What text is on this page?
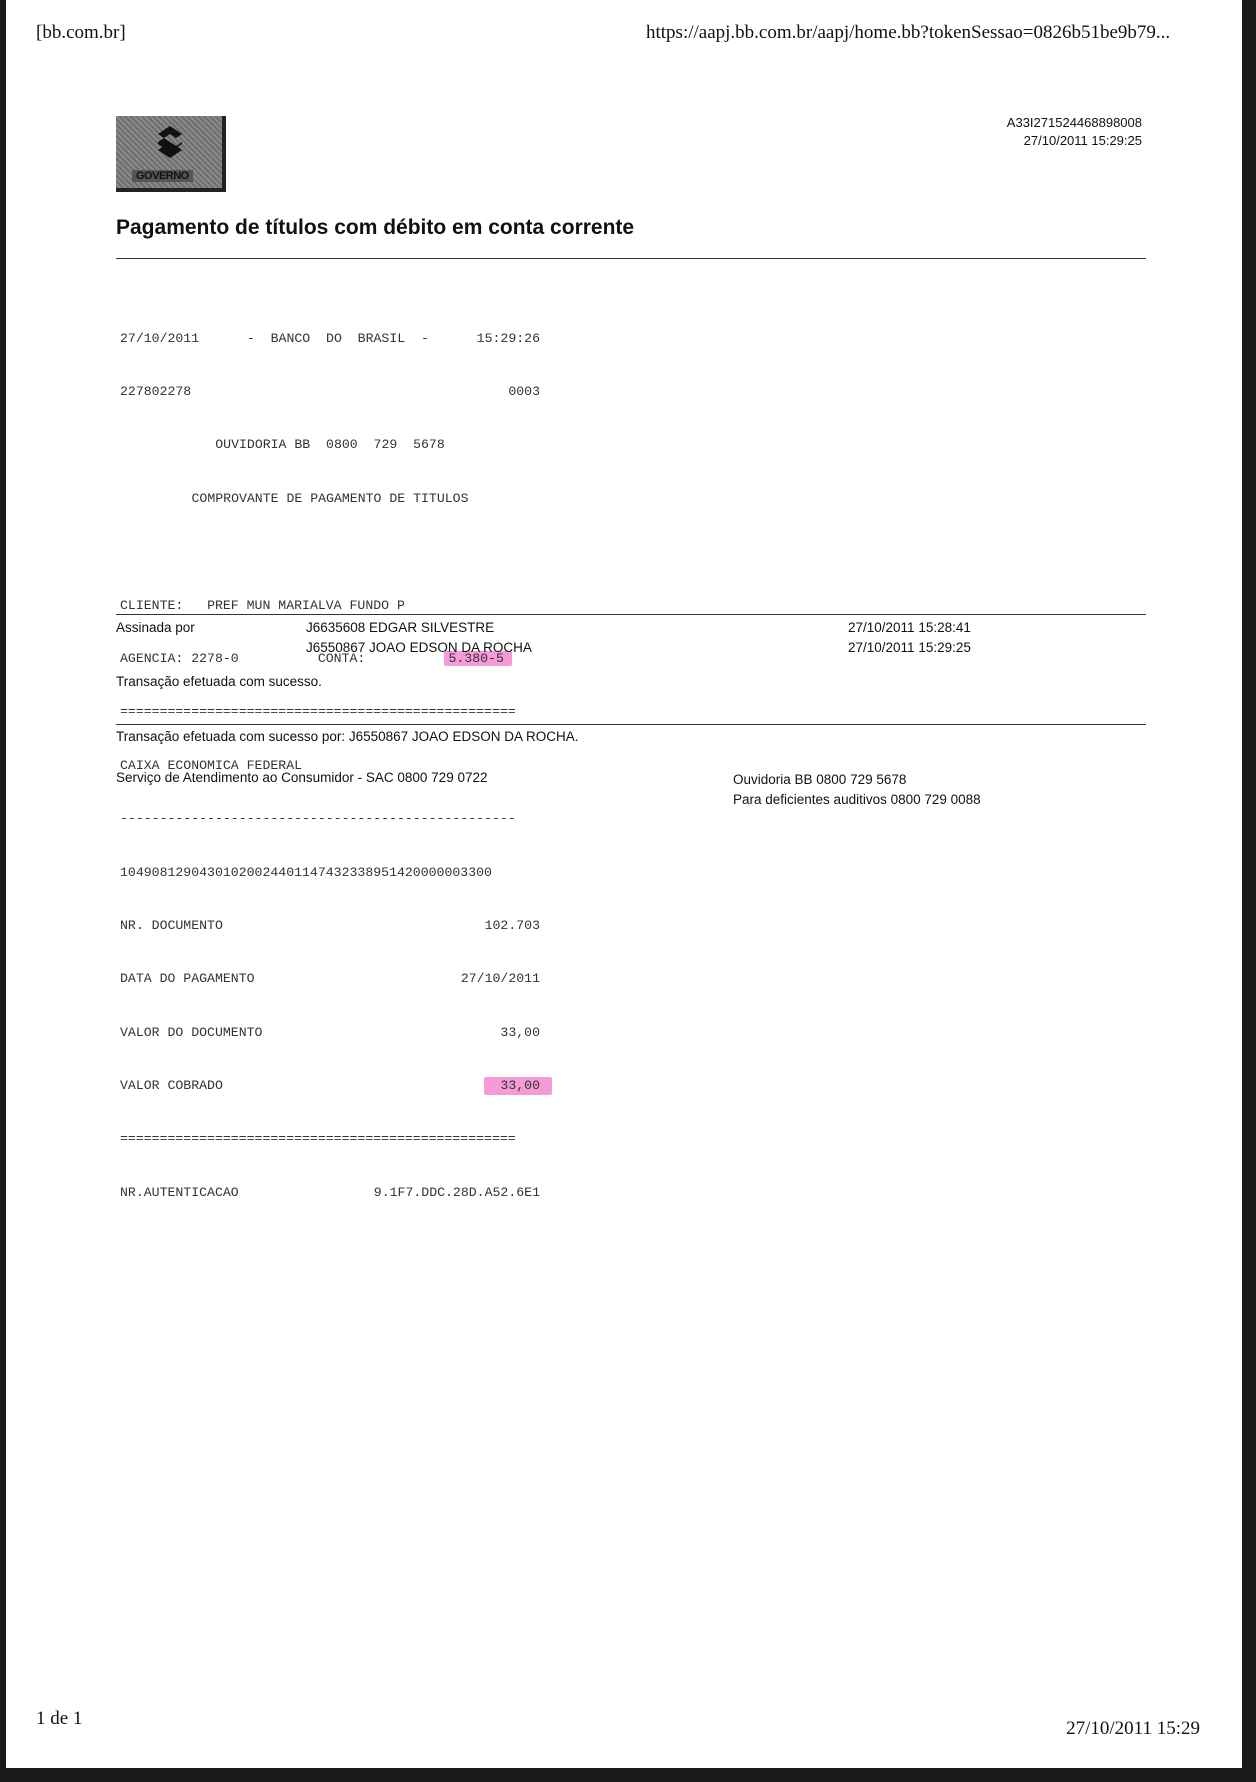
[bb.com.br]	https://aapj.bb.com.br/aapj/home.bb?tokenSessao=0826b51be9b79...
GOVERNO
A33I271524468898008
27/10/2011 15:29:25
Pagamento de títulos com débito em conta corrente

27/10/2011	-  BANCO  DO  BRASIL  -	15:29:26

227802278	0003

OUVIDORIA BB  0800  729  5678

COMPROVANTE DE PAGAMENTO DE TITULOS

CLIENTE: PREF MUN MARIALVA FUNDO P

AGENCIA: 2278-0	CONTA:	5.380-5

==================================================

CAIXA ECONOMICA FEDERAL

--------------------------------------------------

10490812904301020024401147432338951420000003300

NR. DOCUMENTO	102.703

DATA DO PAGAMENTO	27/10/2011

VALOR DO DOCUMENTO	33,00

VALOR COBRADO	33,00

==================================================

NR.AUTENTICACAO	9.1F7.DDC.28D.A52.6E1

Assinada por	J6635608 EDGAR SILVESTRE	27/10/2011 15:28:41
J6550867 JOAO EDSON DA ROCHA	27/10/2011 15:29:25
Transação efetuada com sucesso.
Transação efetuada com sucesso por: J6550867 JOAO EDSON DA ROCHA.
Serviço de Atendimento ao Consumidor - SAC 0800 729 0722	Ouvidoria BB 0800 729 5678
Para deficientes auditivos 0800 729 0088
1 de 1	27/10/2011 15:29
